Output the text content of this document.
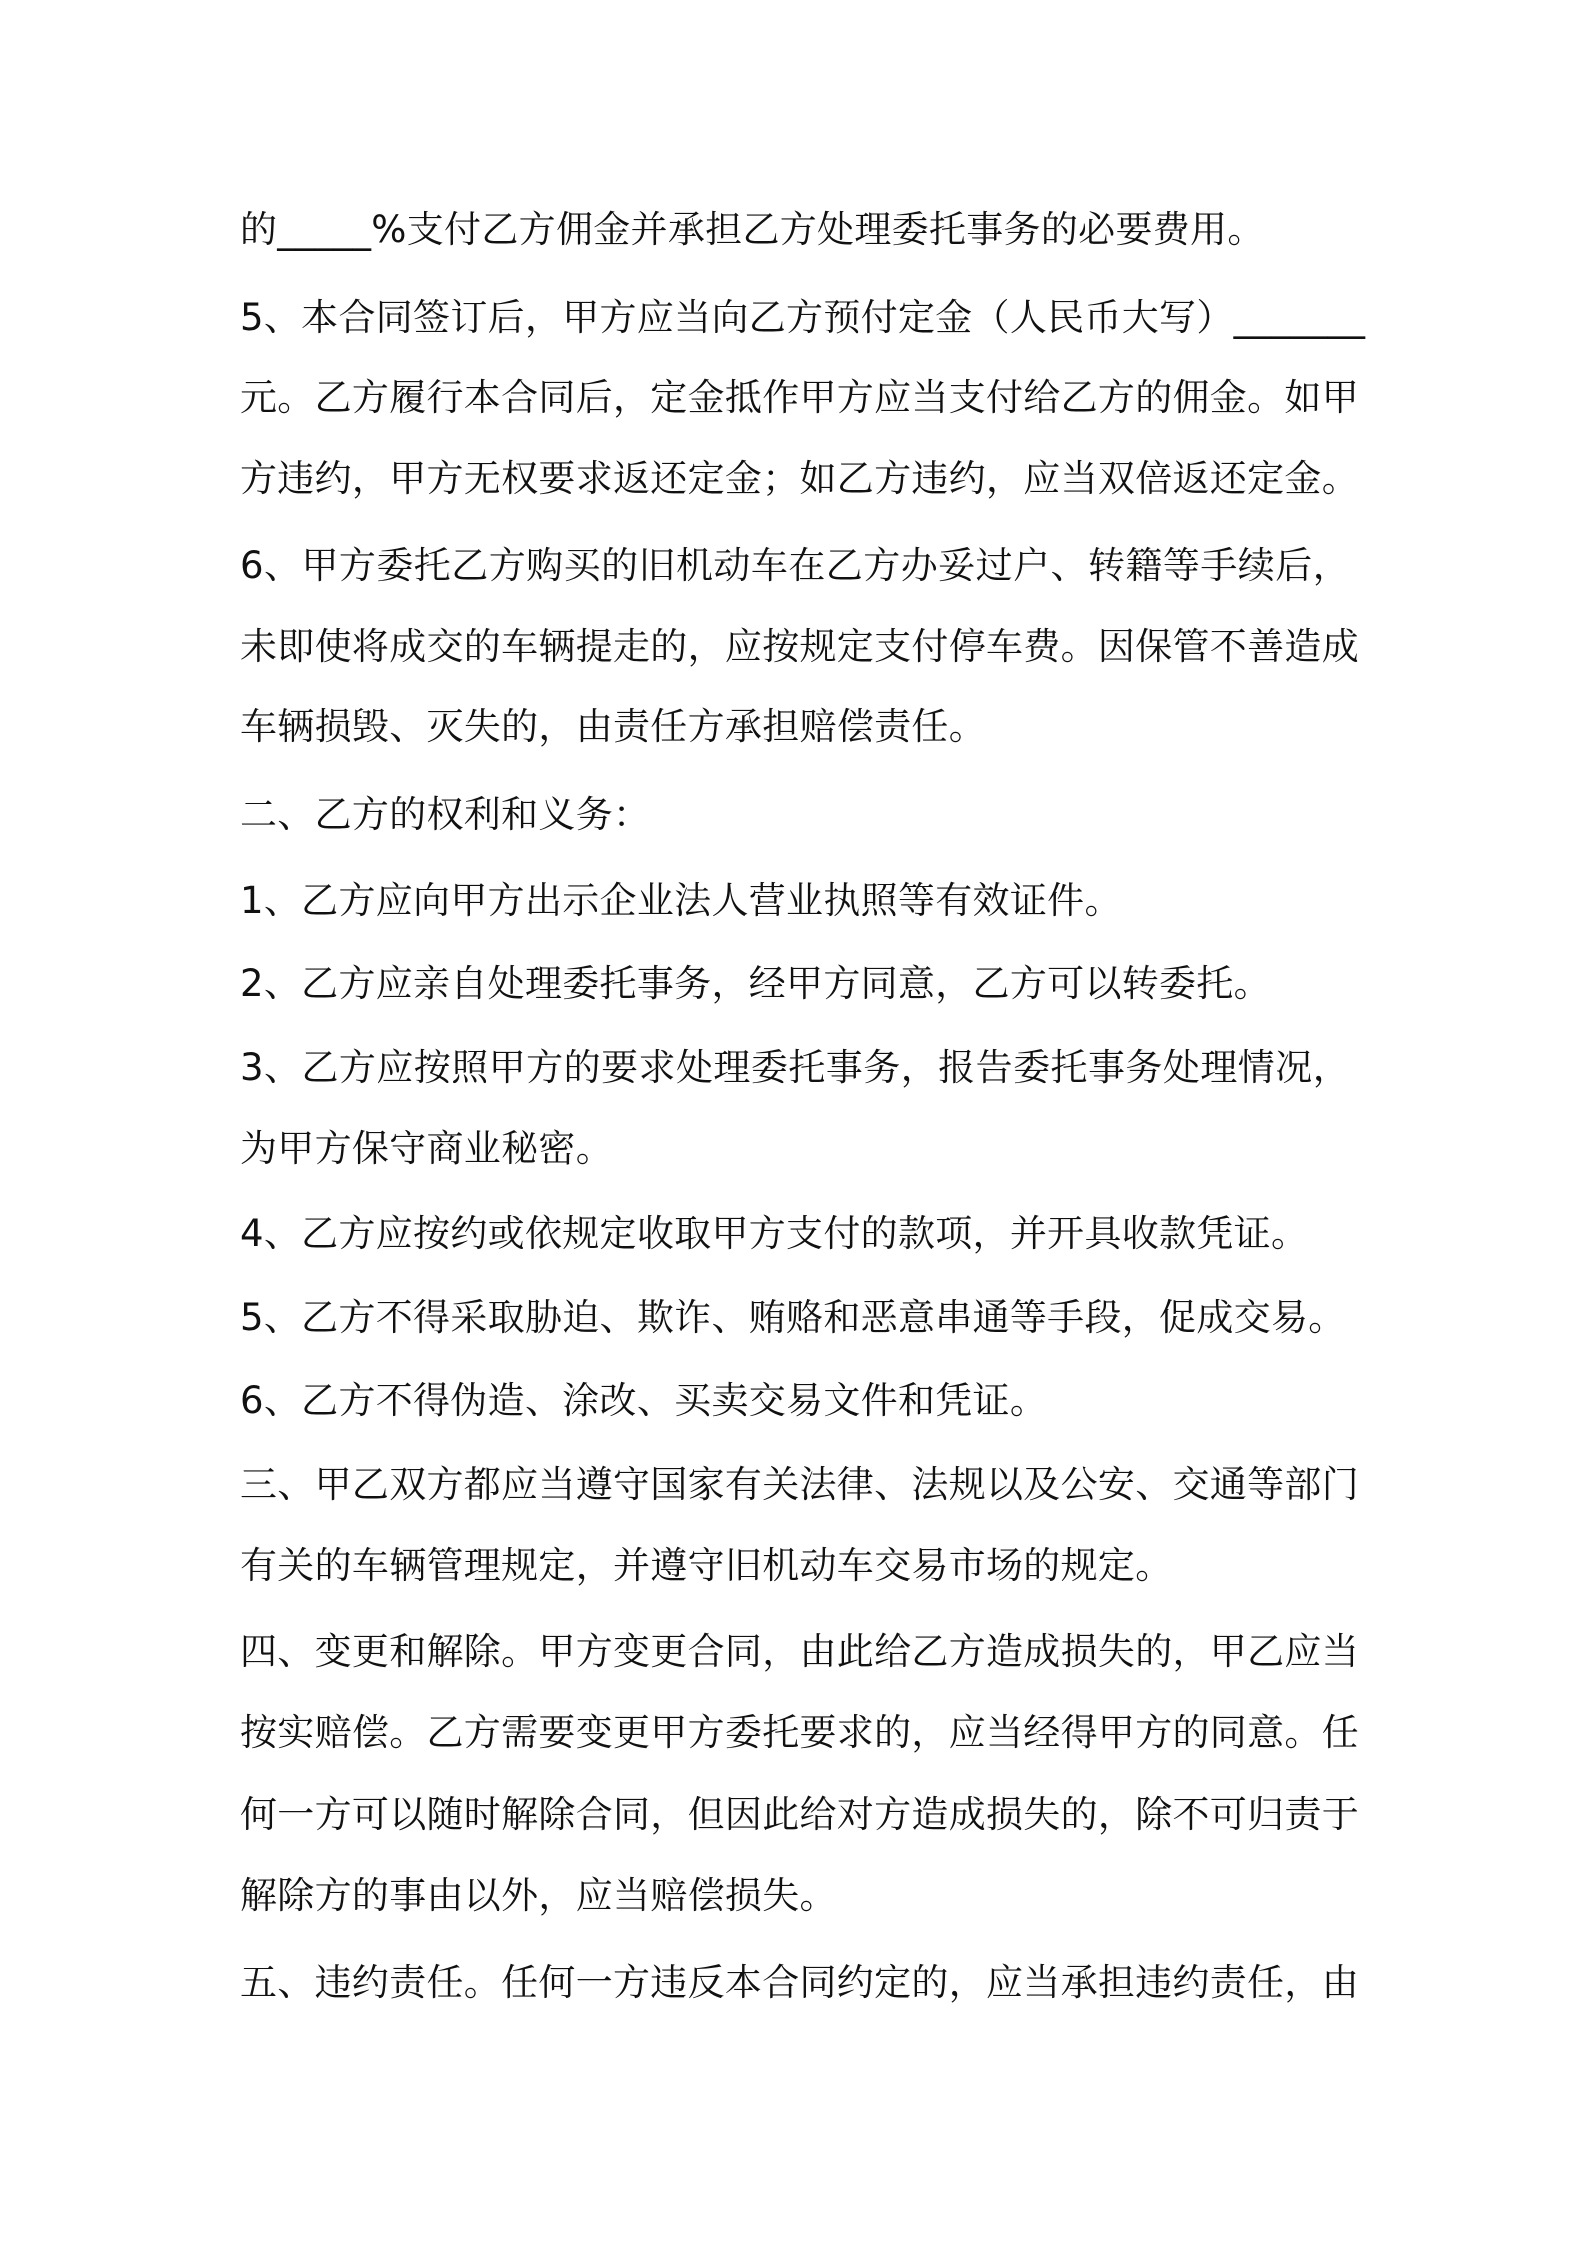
的_____%支付乙方佣金并承担乙方处理委托事务的必要费用。
5、本合同签订后，甲方应当向乙方预付定金（人民币大写）_______
元。乙方履行本合同后，定金抵作甲方应当支付给乙方的佣金。如甲
方违约，甲方无权要求返还定金；如乙方违约，应当双倍返还定金。
6、甲方委托乙方购买的旧机动车在乙方办妥过户、转籍等手续后，
未即使将成交的车辆提走的，应按规定支付停车费。因保管不善造成
车辆损毁、灭失的，由责任方承担赔偿责任。
二、乙方的权利和义务：
1、乙方应向甲方出示企业法人营业执照等有效证件。
2、乙方应亲自处理委托事务，经甲方同意，乙方可以转委托。
3、乙方应按照甲方的要求处理委托事务，报告委托事务处理情况，
为甲方保守商业秘密。
4、乙方应按约或依规定收取甲方支付的款项，并开具收款凭证。
5、乙方不得采取胁迫、欺诈、贿赂和恶意串通等手段，促成交易。
6、乙方不得伪造、涂改、买卖交易文件和凭证。
三、甲乙双方都应当遵守国家有关法律、法规以及公安、交通等部门
有关的车辆管理规定，并遵守旧机动车交易市场的规定。
四、变更和解除。甲方变更合同，由此给乙方造成损失的，甲乙应当
按实赔偿。乙方需要变更甲方委托要求的，应当经得甲方的同意。任
何一方可以随时解除合同，但因此给对方造成损失的，除不可归责于
解除方的事由以外，应当赔偿损失。
五、违约责任。任何一方违反本合同约定的，应当承担违约责任，由
